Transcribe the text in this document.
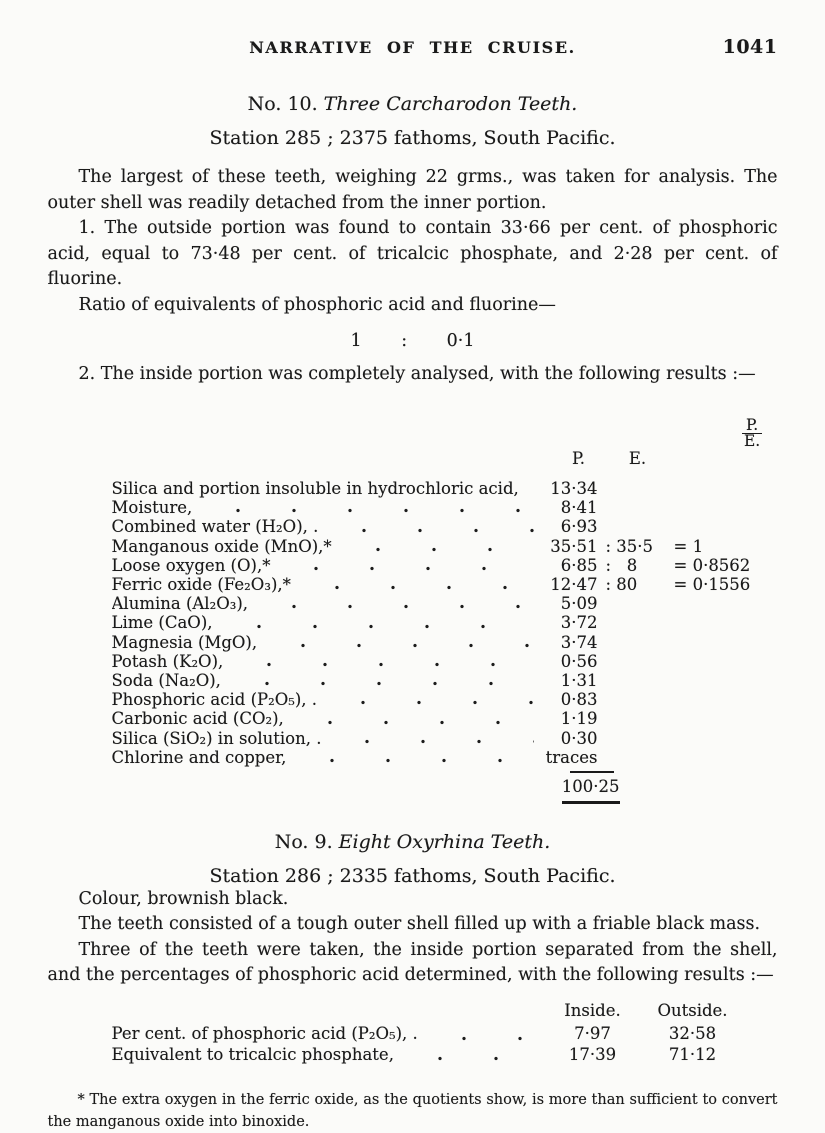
NARRATIVE OF THE CRUISE.	1041
No. 10. Three Carcharodon Teeth.

Station 285 ; 2375 fathoms, South Pacific.

The largest of these teeth, weighing 22 grms., was taken for analysis. The outer shell was readily detached from the inner portion.

1. The outside portion was found to contain 33·66 per cent. of phosphoric acid, equal to 73·48 per cent. of tricalcic phosphate, and 2·28 per cent. of fluorine.

Ratio of equivalents of phosphoric acid and fluorine—

1 : 0·1

2. The inside portion was completely analysed, with the following results :—

P.	E.

$\frac{P.}{E.}$

Silica and portion insoluble in hydrochloric acid,	13·34
Moisture,	8·41
Combined water (H₂O), .	6·93
Manganous oxide (MnO),*	35·51 : 35·5	= 1
Loose oxygen (O),*	6·85 :   8	= 0·8562
Ferric oxide (Fe₂O₃),*	12·47 : 80	= 0·1556
Alumina (Al₂O₃),	5·09
Lime (CaO),	3·72
Magnesia (MgO),	3·74
Potash (K₂O),	0·56
Soda (Na₂O),	1·31
Phosphoric acid (P₂O₅), .	0·83
Carbonic acid (CO₂),	1·19
Silica (SiO₂) in solution, .	0·30
Chlorine and copper,	traces
100·25
No. 9. Eight Oxyrhina Teeth.

Station 286 ; 2335 fathoms, South Pacific.

Colour, brownish black.

The teeth consisted of a tough outer shell filled up with a friable black mass.

Three of the teeth were taken, the inside portion separated from the shell, and the percentages of phosphoric acid determined, with the following results :—

Inside.	Outside.
Per cent. of phosphoric acid (P₂O₅), .	7·97	32·58
Equivalent to tricalcic phosphate,	17·39	71·12
* The extra oxygen in the ferric oxide, as the quotients show, is more than sufficient to convert the manganous oxide into binoxide.
